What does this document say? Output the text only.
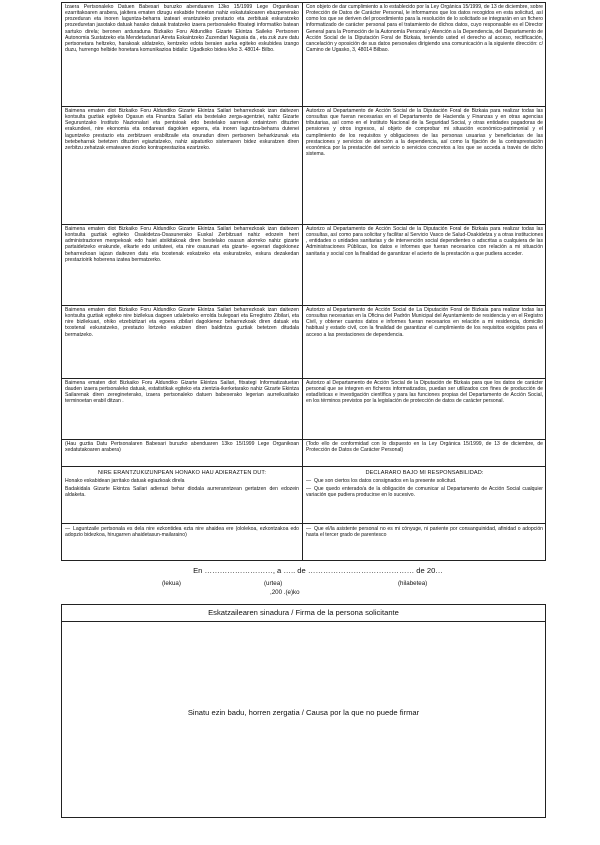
Izaera Pertsonaleko Datuen Babesari buruzko abenduaren 13ko 15/1999 Lege Organikoan ezarritakoaren arabera, jakitera ematen dizugu eskabide honetan nahiz eskatutakoaren ebazpenerako prozeduran eta inoren laguntza-beharra izateari erantzuteko prestazio eta zerbituak eskuratzeko prozeduretan jasotako datuak harako datuak tratatzeko izaera pertsonaleko fitxategi informatiko batean sartuko direla; beronen arduraduna Bizkaiko Foru Aldundiko Gizarte Ekintza Saileko Pertsonen Autonomia Sustatzeko eta Mendetadunari Arreta Eskaintzeko Zuzendari Nagusia da , eta zuk zure datu pertsonetara heltzeko, harakoak aldatzeko, kentzeko edota beraien aurka egiteko eskubidea izango duzu, hurrengo helbide honetara komunikazioa bidaliz: Ugadkoko bidea k/ko 3. 48014- Bilbo.
Con objeto de dar cumplimiento a lo establecido por la Ley Orgánica 15/1999, de 13 de diciembre, sobre Protección de Datos de Carácter Personal, le informamos que los datos recogidos en esta solicitud, así como los que se deriven del procedimiento para la resolución de lo solicitado se integrarán en un fichero informatizado de carácter personal para el tratamiento de dichos datos, cuyo responsable es el Director General para la Promoción de la Autonomía Personal y Atención a la Dependencia, del Departamento de Acción Social de la Diputación Foral de Bizkaia, teniendo usted el derecho al acceso, rectificación, cancelación y oposición de sus datos personales dirigiendo una comunicación a la siguiente dirección: c/ Camino de Ugasko, 3, 48014 Bilbao.
Baimena ematen diot Bizkaiko Foru Aldundiko Gizarte Ekintza Sailari beharrezkoak izan daitezen kontsulta guztiak egiteko Ogasun eta Finantza Sailari eta bestelako zerga-agentziei, nahiz Gizarte Seguruntzako Instituto Nazionalari eta pentsioak edo bestelako sarrerak ordaintzen dituzten erakundeei, nire ekonomia eta ondareari dagokien egoera, eta inoren laguntza-beharra dutenei laguntzeko prestazio eta zerbitzuen erabiltzaile eta onuradun diren pertsonen beharkizunak eta betebeharrak betetzen dituzten egiaztatzeko, nahiz aipaturiko sistemaren bidez eskuratzen diren zerbitzu zehatzak ematearen ziozko kontraprestazioa ezartzeko.
Autorizo al Departamento de Acción Social de la Diputación Foral de Bizkaia para realizar todas las consultas que fueran necesarias en el Departamento de Hacienda y Finanzas y en otras agencias tributarias, así como en el Instituto Nacional de la Seguridad Social, y otras entidades pagadoras de pensiones y otros ingresos, al objeto de comprobar mi situación económico-patrimonial y el cumplimiento de los requisitos y obligaciones de las personas usuarias y beneficiarias de las prestaciones y servicios de atención a la dependencia, así como la fijación de la contraprestación económica por la prestación del servicio o servicios concretos a los que se acceda a través de dicho sistema.
Baimena ematen diot Bizkaiko Foru Aldundiko Gizarte Ekintza Sailari beharrezkoak izan daitezen kontsulta guztiak egiteko Osakidetza-Osasunerako Euskal Zerbitzuari nahiz edozein herri administrazioren menpekoak edo haiei atxikitakoak diren bestelako osasun alorreko nahiz gizarte partaidetzeko erakunde, elkarte edo unitateei, eta nire osasunari eta gizarte- egoerari dagokionez beharrezkoan iajzan daitezen datu eta txostenak eskatzeko eta eskuratzeko, eskura dezakedan prestazioirik hoberena izatea bermatzerko.
Autorizo al Departamento de Acción Social de la Diputación Foral de Bizkaia para realizar todas las consultas, así como para solicitar y facilitar al Servicio Vasco de Salud-Osakidetza y a otras instituciones , entidades o unidades sanitarias y de intervención social dependientes o adscritas a cualquiera de las Administraciones Públicas, los datos e informes que fueran necesarios con relación a mi situación sanitaria y social con la finalidad de garantizar el acierto de la prestación a que pudiera acceder.
Baimena ematen diot Bizkaiko Foru Aldundiko Gizarte Ekintza Sailari beharrezkoak izan daitezen kontsulta guztiak egiteko nire bizilekua dagoen udaletxeko erroldа bulegoari eta Erregistro Zibilari, eta nire bizilekuari, ohiko etzebizitzari eta egoera zibilari dagokienez beharrezkoak diren datuak eta txostenal eskuratzeko, prestazio lortzeko eskatzen diren baldintza guztiak betetzen ditudala bermatzeko.
Autorizo al Departamento de Acción Social de La Diputación Foral de Bizkaia para realizar todas las consultas necesarias en la Oficina del Padrón Municipal del Ayuntamiento de residencia y en el Registro Civil, y obtener cuantos datos e informes fueran necesarios en relación a mi residencia, domicilio habitual y estado civil, con la finalidad de garantizar el cumplimiento de los requisitos exigidos para el acceso a las prestaciones de dependencia.
Baimena ematen diot Bizkaiko Foru Aldundiko Gizarte Ekintza Sailari, fitxategi Informatizatuetan dauden izaera pertsonaleko datuak, estatistikak egiteko eta zientzia-ikerketarako nahiz Gizarte Ekintza Sailarenak diren zeregineterako, izaera pertsonaleko datuen babeserako legerian aurreikusitako terminoetan erabil ditzan .
Autorizo al Departamento de Acción Social de la Diputación de Bizkaia para que los datos de carácter personal que se integren en ficheros informatizados, puedan ser utilizados con fines de producción de estadísticas e investigación científica y para las funciones propias del Departamento de Acción Social, en los términos previstos por la legislación de protección de datos de carácter personal.
(Hau guztia Datu Pertsonalaren Babesari buruzko abenduaren 13ko 15/1999 Lege Organikoan xedatutakoaren arabera)
(Todo ello de conformidad con lo dispuesto en la Ley Orgánica 15/1999, de 13 de diciembre, de Protección de Datos de Carácter Personal)
NIRE ERANTZUKIZUNPEAN HONAKO HAU ADIERAZTEN DUT:
Honako eskabidean jarritako datuak egiazkoak direla
Badakidala Gizarte Ekintza Sailari adierazi behar diodala aurreranntzean gertatzen den edozein aldaketa.
DECLARARO BAJO MI RESPONSABILIDAD:
— Que son ciertos los datos consignados en la presente solicitud.
— Que quedo enterado/a de la obligación de comunicar al Departamento de Acción Social cualquier variación que pudiera producirse en lo sucesivo.
— Laguntzaile pertsonala es dela nire ezkontidea ezta nire ahaidea ere (ololekoa, ezkontzakoa edo adopzio bidezkoa, hirugarren ahaidetasun-mailaraino)
— Que el/la asistente personal no es mi cónyuge, ni pariente por consanguinidad, afinidad o adopción hasta el tercer grado de parentesco
En ………………………, a ….. de …………………………………… de 20…
(lekua)	(urtea)	(hilabetea)
,200 .(e)ko
Eskatzailearen sinadura / Firma de la persona solicitante
Sinatu ezin badu, horren zergatia / Causa por la que no puede firmar
